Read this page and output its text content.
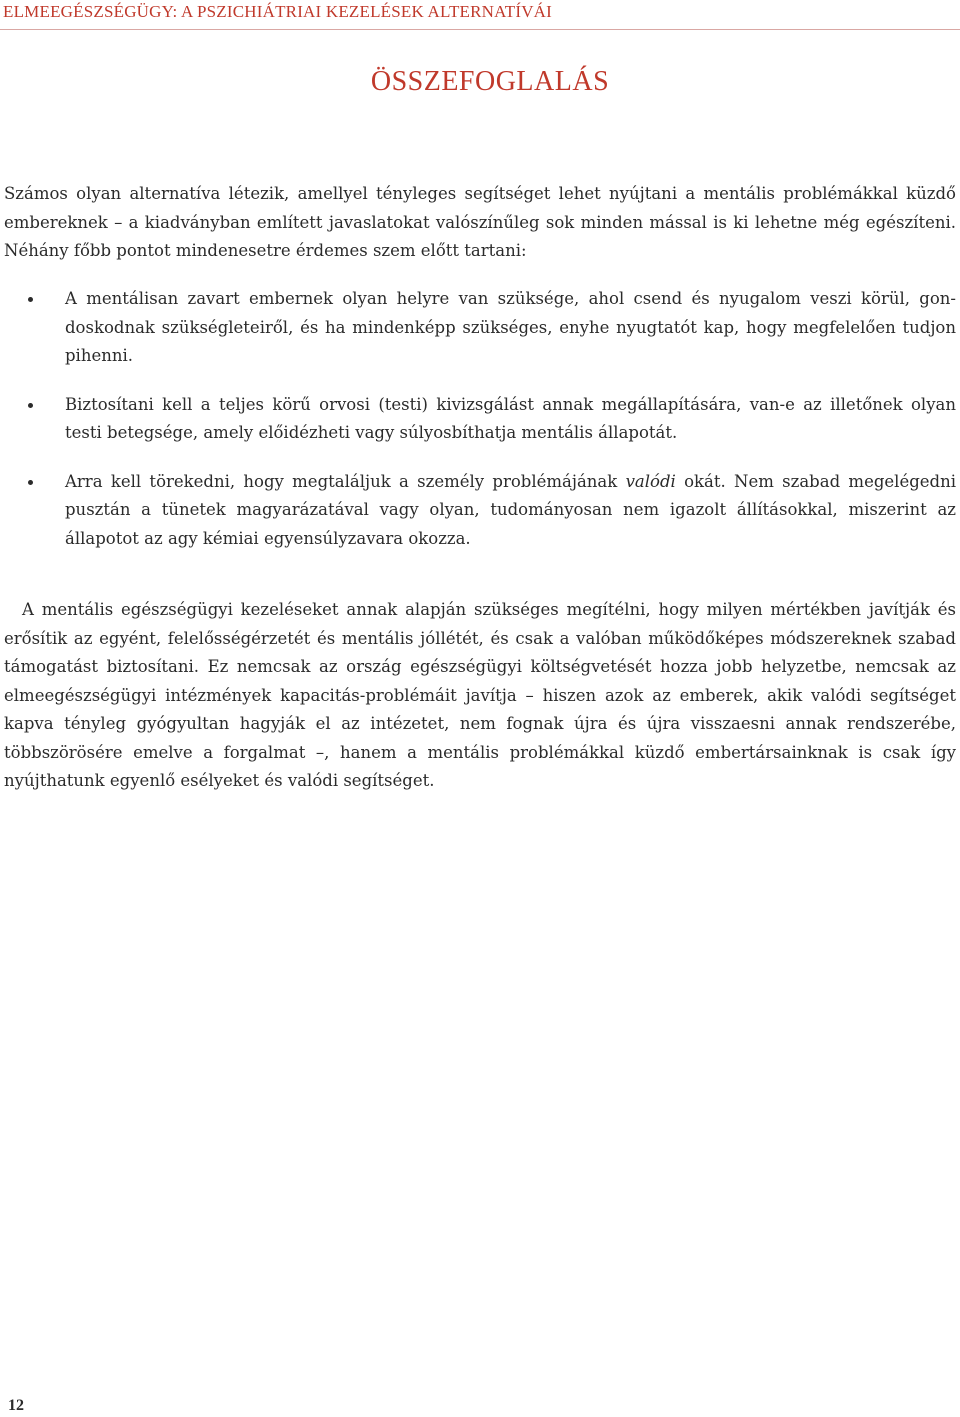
ELMEEGÉSZSÉGÜGY: A PSZICHIÁTRIAI KEZELÉSEK ALTERNATÍVÁI
ÖSSZEFOGLALÁS

Számos olyan alternatíva létezik, amellyel tényleges segítséget lehet nyújtani a mentális problémákkal küzdő embereknek – a kiadványban említett javaslatokat valószínűleg sok minden mással is ki lehetne még egészíteni. Néhány főbb pontot mindenesetre érdemes szem előtt tartani:

A mentálisan zavart embernek olyan helyre van szüksége, ahol csend és nyugalom veszi körül, gondoskodnak szükségleteiről, és ha mindenképp szükséges, enyhe nyugtatót kap, hogy megfelelően tudjon pihenni.

Biztosítani kell a teljes körű orvosi (testi) kivizsgálást annak megállapítására, van-e az illetőnek olyan testi betegsége, amely előidézheti vagy súlyosbíthatja mentális állapotát.

Arra kell törekedni, hogy megtaláljuk a személy problémájának valódi okát. Nem szabad megelégedni pusztán a tünetek magyarázatával vagy olyan, tudományosan nem igazolt állításokkal, miszerint az állapotot az agy kémiai egyensúlyzavara okozza.

A mentális egészségügyi kezeléseket annak alapján szükséges megítélni, hogy milyen mértékben javítják és erősítik az egyént, felelősségérzetét és mentális jóllétét, és csak a valóban működőképes módszereknek szabad támogatást biztosítani. Ez nemcsak az ország egészségügyi költségvetését hozza jobb helyzetbe, nemcsak az elmeegészségügyi intézmények kapacitás-problémáit javítja – hiszen azok az emberek, akik valódi segítséget kapva tényleg gyógyultan hagyják el az intézetet, nem fognak újra és újra visszaesni annak rendszerébe, többszörösére emelve a forgalmat –, hanem a mentális problémákkal küzdő embertársainknak is csak így nyújthatunk egyenlő esélyeket és valódi segítséget.

12
